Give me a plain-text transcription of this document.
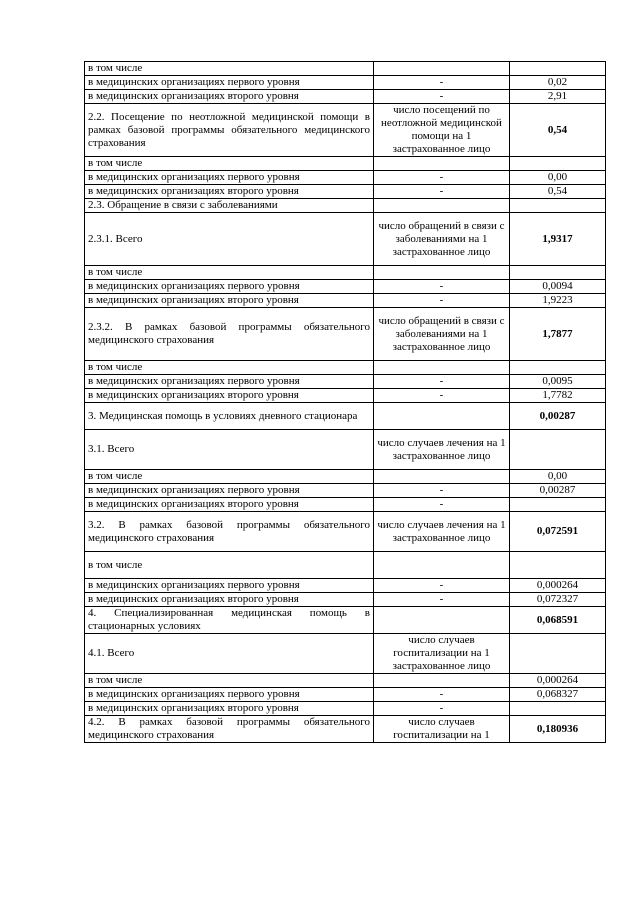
в том числе		
в медицинских организациях первого уровня	-	0,02
в медицинских организациях второго уровня	-	2,91
2.2. Посещение по неотложной медицинской помощи в рамках базовой программы обязательного медицинского страхования	число посещений по неотложной медицинской помощи на 1 застрахованное лицо	0,54
в том числе		
в медицинских организациях первого уровня	-	0,00
в медицинских организациях второго уровня	-	0,54
2.3. Обращение в связи с заболеваниями		
2.3.1. Всего	число обращений в связи с заболеваниями на 1 застрахованное лицо	1,9317
в том числе		
в медицинских организациях первого уровня	-	0,0094
в медицинских организациях второго уровня	-	1,9223
2.3.2. В рамках базовой программы обязательного медицинского страхования	число обращений в связи с заболеваниями на 1 застрахованное лицо	1,7877
в том числе		
в медицинских организациях первого уровня	-	0,0095
в медицинских организациях второго уровня	-	1,7782
3. Медицинская помощь в условиях дневного стационара		0,00287
3.1. Всего	число случаев лечения на 1 застрахованное лицо	
в том числе		0,00
в медицинских организациях первого уровня	-	0,00287
в медицинских организациях второго уровня	-	
3.2. В рамках базовой программы обязательного медицинского страхования	число случаев лечения на 1 застрахованное лицо	0,072591
в том числе		
в медицинских организациях первого уровня	-	0,000264
в медицинских организациях второго уровня	-	0,072327
4. Специализированная медицинская помощь в стационарных условиях		0,068591
4.1. Всего	число случаев госпитализации на 1 застрахованное лицо	
в том числе		0,000264
в медицинских организациях первого уровня	-	0,068327
в медицинских организациях второго уровня	-	
4.2. В рамках базовой программы обязательного медицинского страхования	число случаев госпитализации на 1	0,180936
